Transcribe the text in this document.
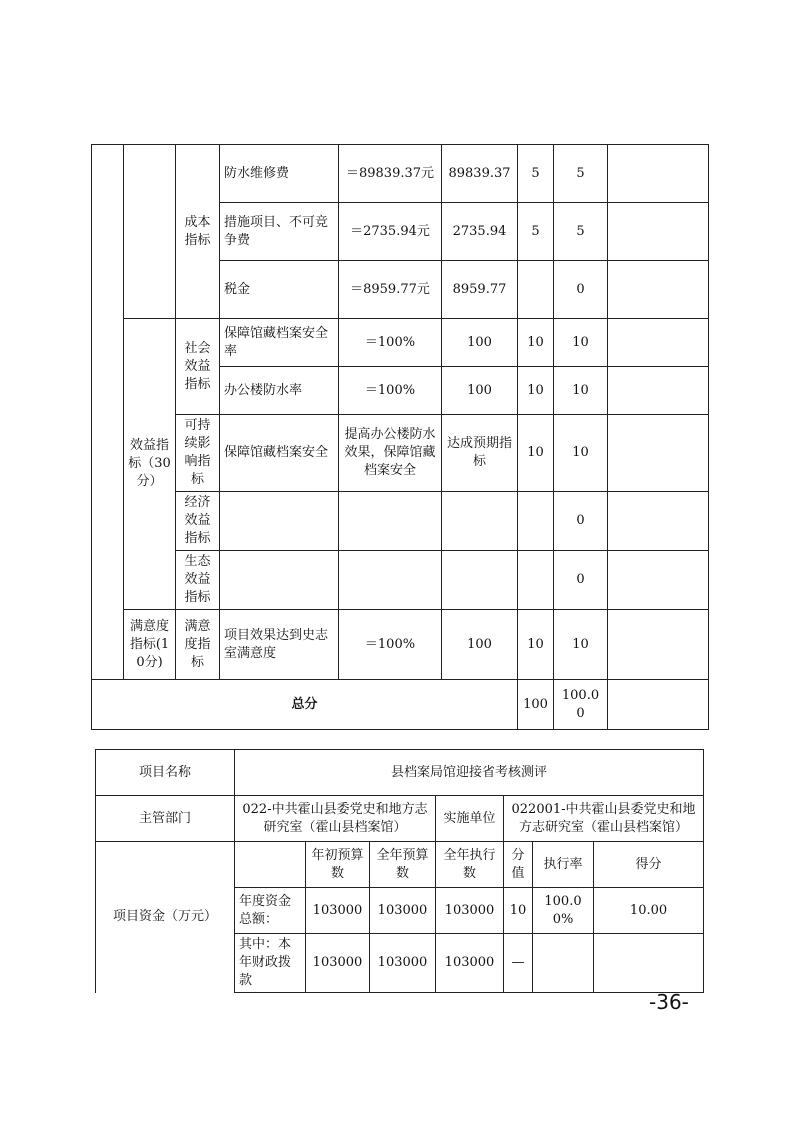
		成本指标	防水维修费	＝89839.37元	89839.37	5	5	
			措施项目、不可竞争费	＝2735.94元	2735.94	5	5	
			税金	＝8959.77元	8959.77		0	
	效益指标（30分）	社会效益指标	保障馆藏档案安全率	＝100%	100	10	10	
			办公楼防水率	＝100%	100	10	10	
		可持续影响指标	保障馆藏档案安全	提高办公楼防水效果，保障馆藏档案安全	达成预期指标	10	10	
		经济效益指标					0	
		生态效益指标					0	

	满意度指标(10分)	满意度指标	项目效果达到史志室满意度	＝100%	100	10	10	

总分						100	100.00	
项目名称	县档案局馆迎接省考核测评						
主管部门	022-中共霍山县委党史和地方志研究室（霍山县档案馆）			实施单位	022001-中共霍山县委党史和地方志研究室（霍山县档案馆）		
项目资金（万元）		年初预算数	全年预算数	全年执行数	分值	执行率	得分
	年度资金总额：	103000	103000	103000	10	100.00%	10.00
	其中：本年财政拨款	103000	103000	103000	—		
-36-
